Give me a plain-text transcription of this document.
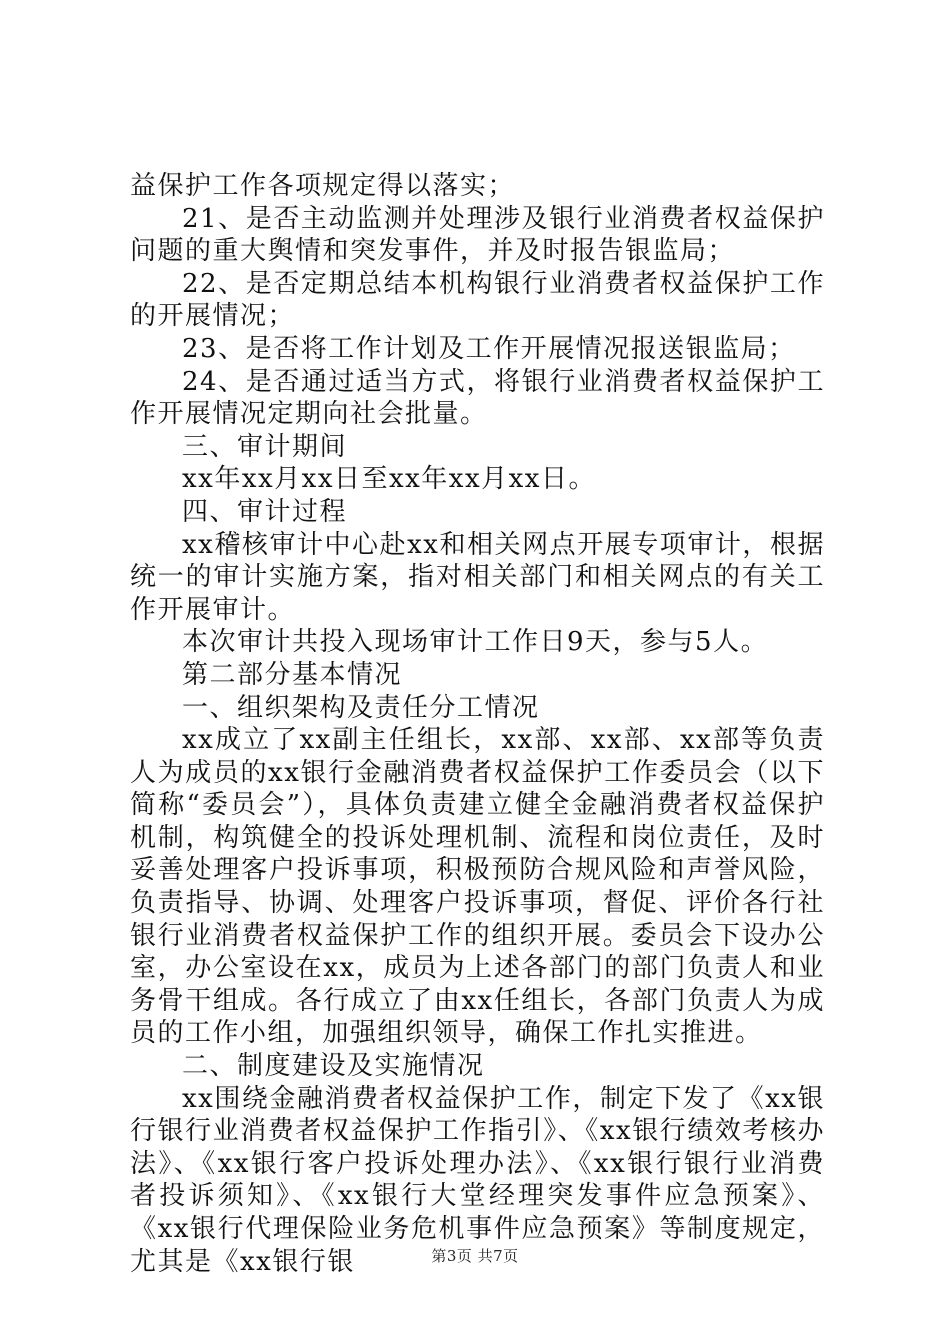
益保护工作各项规定得以落实；

21、是否主动监测并处理涉及银行业消费者权益保护问题的重大舆情和突发事件，并及时报告银监局；

22、是否定期总结本机构银行业消费者权益保护工作的开展情况；

23、是否将工作计划及工作开展情况报送银监局；

24、是否通过适当方式，将银行业消费者权益保护工作开展情况定期向社会批量。

三、审计期间

xx年xx月xx日至xx年xx月xx日。

四、审计过程

xx稽核审计中心赴xx和相关网点开展专项审计，根据统一的审计实施方案，指对相关部门和相关网点的有关工作开展审计。

本次审计共投入现场审计工作日9天，参与5人。

第二部分基本情况

一、组织架构及责任分工情况

xx成立了xx副主任组长，xx部、xx部、xx部等负责人为成员的xx银行金融消费者权益保护工作委员会（以下简称“委员会”），具体负责建立健全金融消费者权益保护机制，构筑健全的投诉处理机制、流程和岗位责任，及时妥善处理客户投诉事项，积极预防合规风险和声誉风险，负责指导、协调、处理客户投诉事项，督促、评价各行社银行业消费者权益保护工作的组织开展。委员会下设办公室，办公室设在xx，成员为上述各部门的部门负责人和业务骨干组成。各行成立了由xx任组长，各部门负责人为成员的工作小组，加强组织领导，确保工作扎实推进。

二、制度建设及实施情况

xx围绕金融消费者权益保护工作，制定下发了《xx银行银行业消费者权益保护工作指引》、《xx银行绩效考核办法》、《xx银行客户投诉处理办法》、《xx银行银行业消费者投诉须知》、《xx银行大堂经理突发事件应急预案》、《xx银行代理保险业务危机事件应急预案》等制度规定，尤其是《xx银行银	第3页 共7页
